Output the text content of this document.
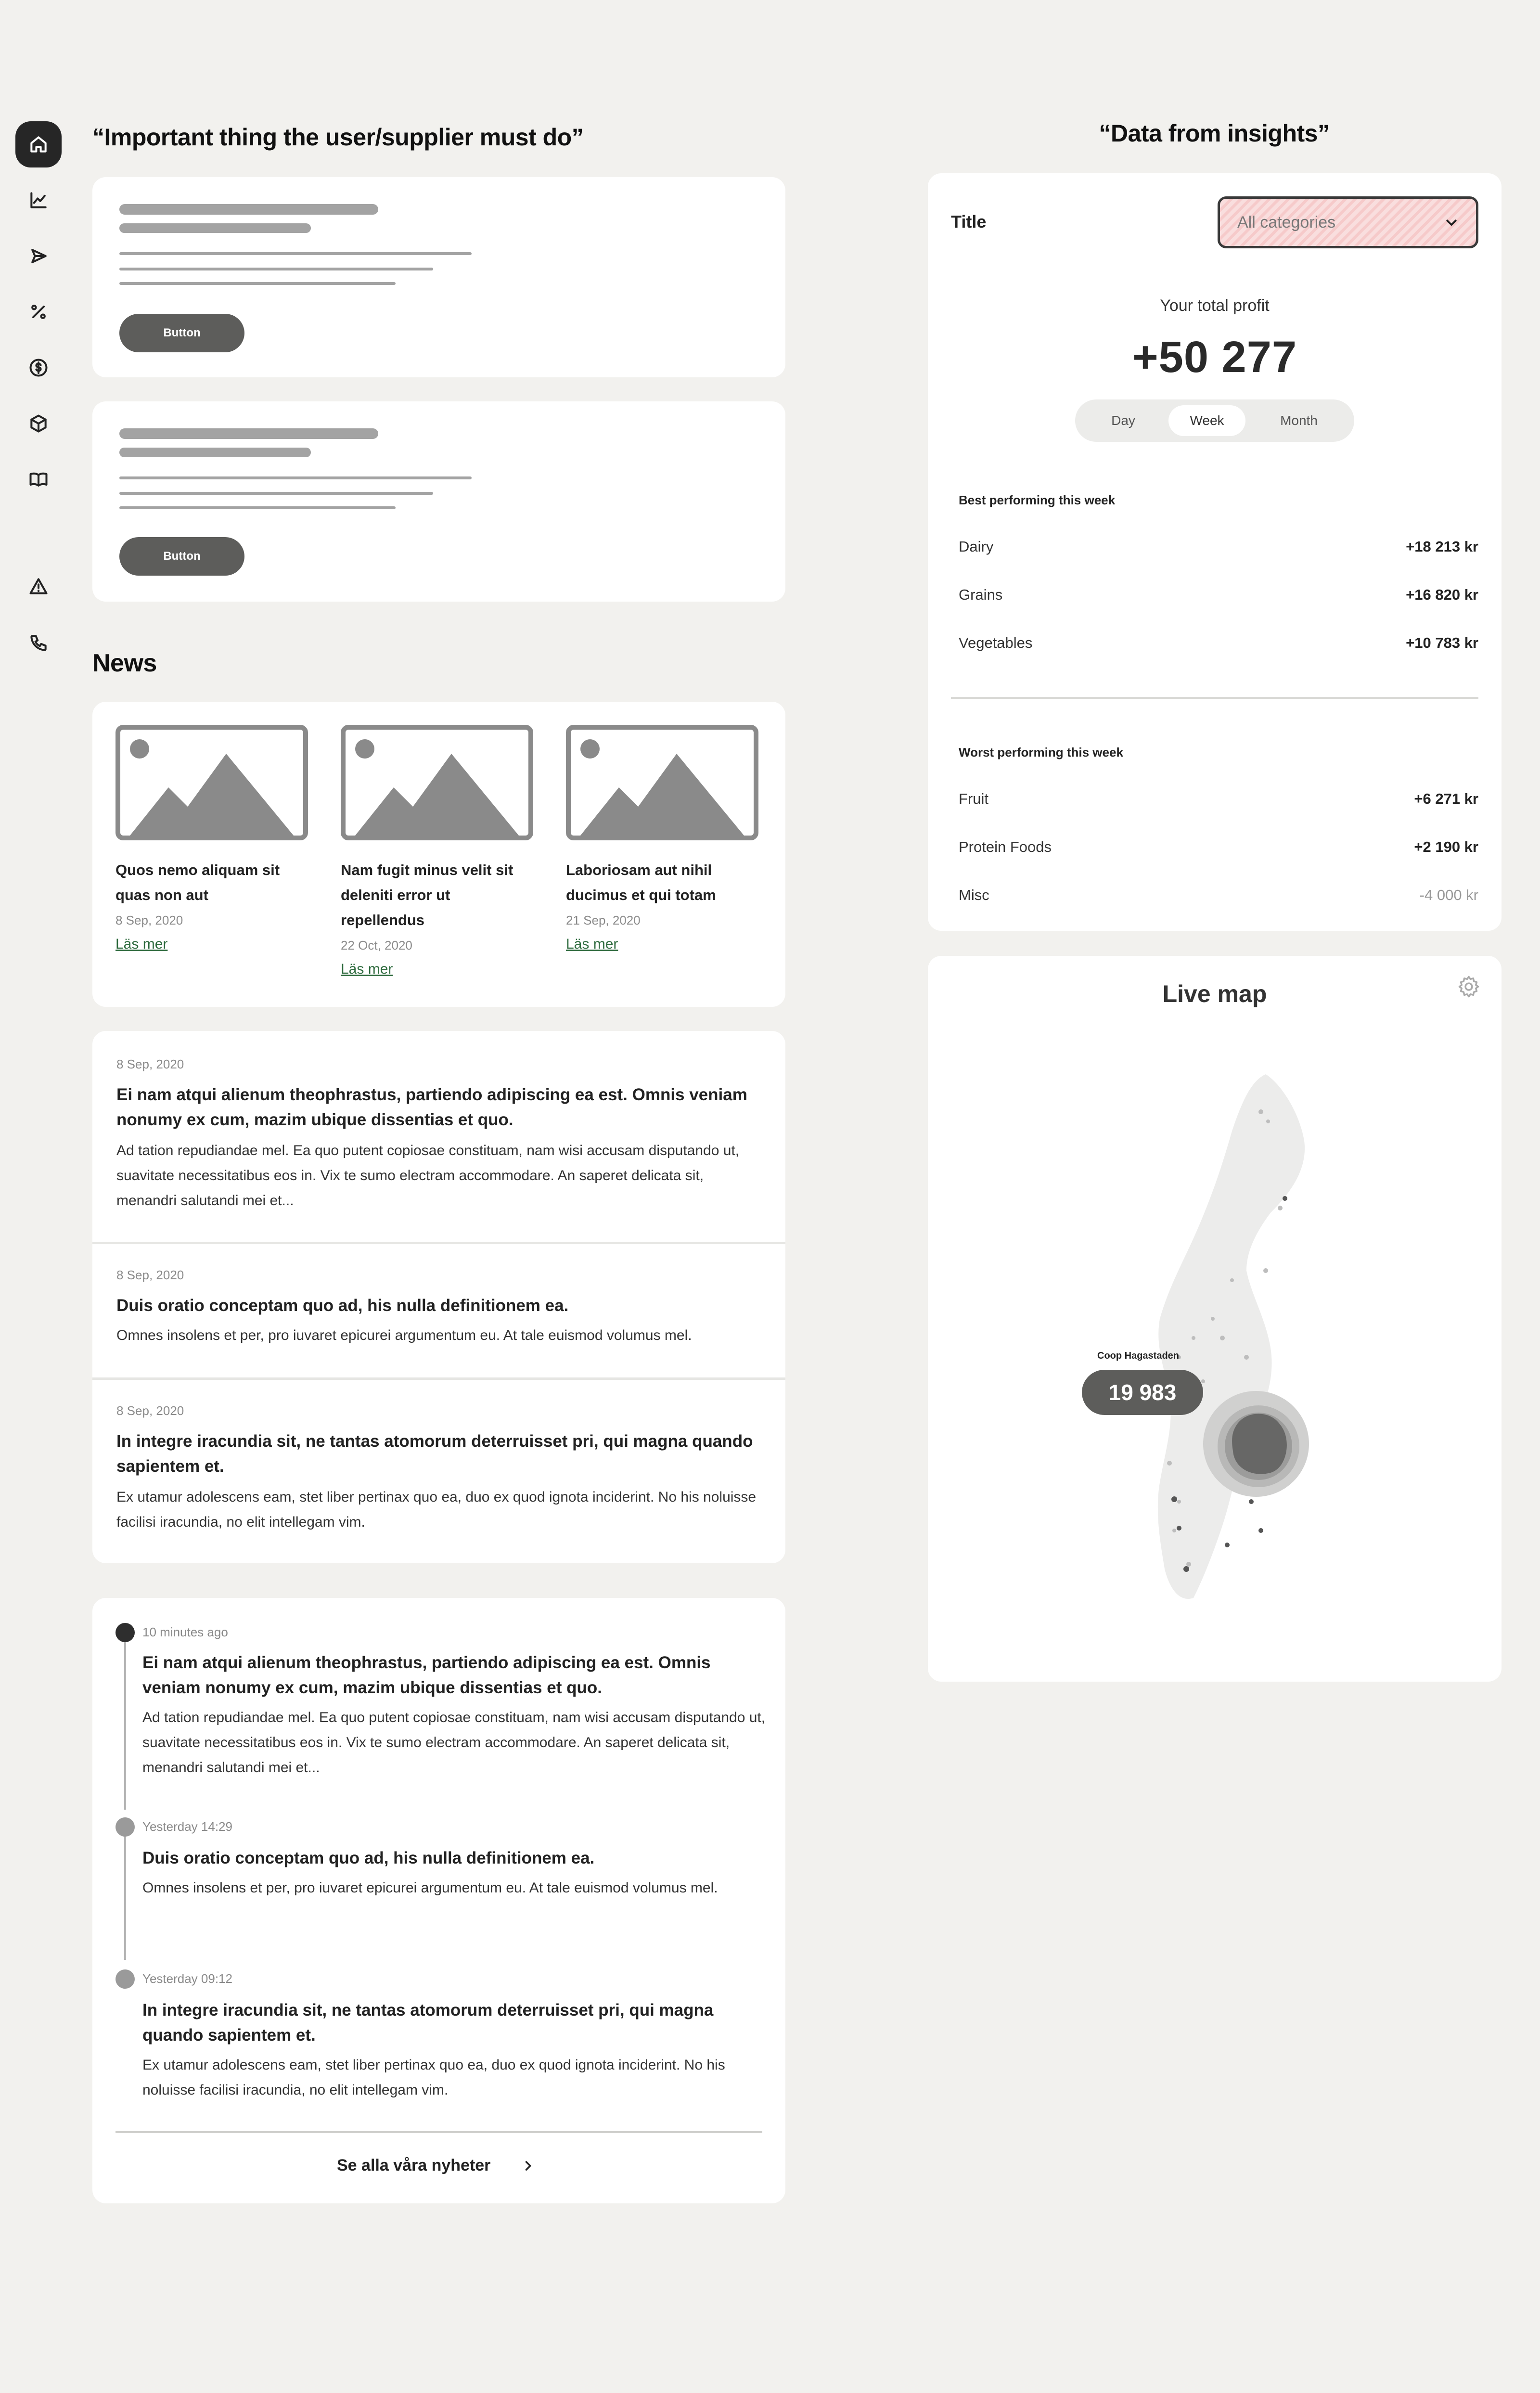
“Important thing the user/supplier must do”
Button
Button
News
Quos nemo aliquam sit quas non aut
8 Sep, 2020
Läs mer
Nam fugit minus velit sit deleniti error ut repellendus
22 Oct, 2020
Läs mer
Laboriosam aut nihil ducimus et qui totam
21 Sep, 2020
Läs mer
8 Sep, 2020
Ei nam atqui alienum theophrastus, partiendo adipiscing ea est. Omnis veniam nonumy ex cum, mazim ubique dissentias et quo.
Ad tation repudiandae mel. Ea quo putent copiosae constituam, nam wisi accusam disputando ut, suavitate necessitatibus eos in. Vix te sumo electram accommodare. An saperet delicata sit, menandri salutandi mei et...
8 Sep, 2020
Duis oratio conceptam quo ad, his nulla definitionem ea.
Omnes insolens et per, pro iuvaret epicurei argumentum eu. At tale euismod volumus mel.
8 Sep, 2020
In integre iracundia sit, ne tantas atomorum deterruisset pri, qui magna quando sapientem et.
Ex utamur adolescens eam, stet liber pertinax quo ea, duo ex quod ignota inciderint. No his noluisse facilisi iracundia, no elit intellegam vim.
10 minutes ago
Ei nam atqui alienum theophrastus, partiendo adipiscing ea est. Omnis veniam nonumy ex cum, mazim ubique dissentias et quo.
Ad tation repudiandae mel. Ea quo putent copiosae constituam, nam wisi accusam disputando ut, suavitate necessitatibus eos in. Vix te sumo electram accommodare. An saperet delicata sit, menandri salutandi mei et...
Yesterday 14:29
Duis oratio conceptam quo ad, his nulla definitionem ea.
Omnes insolens et per, pro iuvaret epicurei argumentum eu. At tale euismod volumus mel.
Yesterday 09:12
In integre iracundia sit, ne tantas atomorum deterruisset pri, qui magna quando sapientem et.
Ex utamur adolescens eam, stet liber pertinax quo ea, duo ex quod ignota inciderint. No his noluisse facilisi iracundia, no elit intellegam vim.
Se alla våra nyheter
“Data from insights”
Title	All categories
Your total profit
+50 277
Day	Week	Month
Best performing this week
Dairy	+18 213 kr
Grains	+16 820 kr
Vegetables	+10 783 kr
Worst performing this week
Fruit	+6 271 kr
Protein Foods	+2 190 kr
Misc	-4 000 kr
Live map
Coop Hagastaden
19 983
